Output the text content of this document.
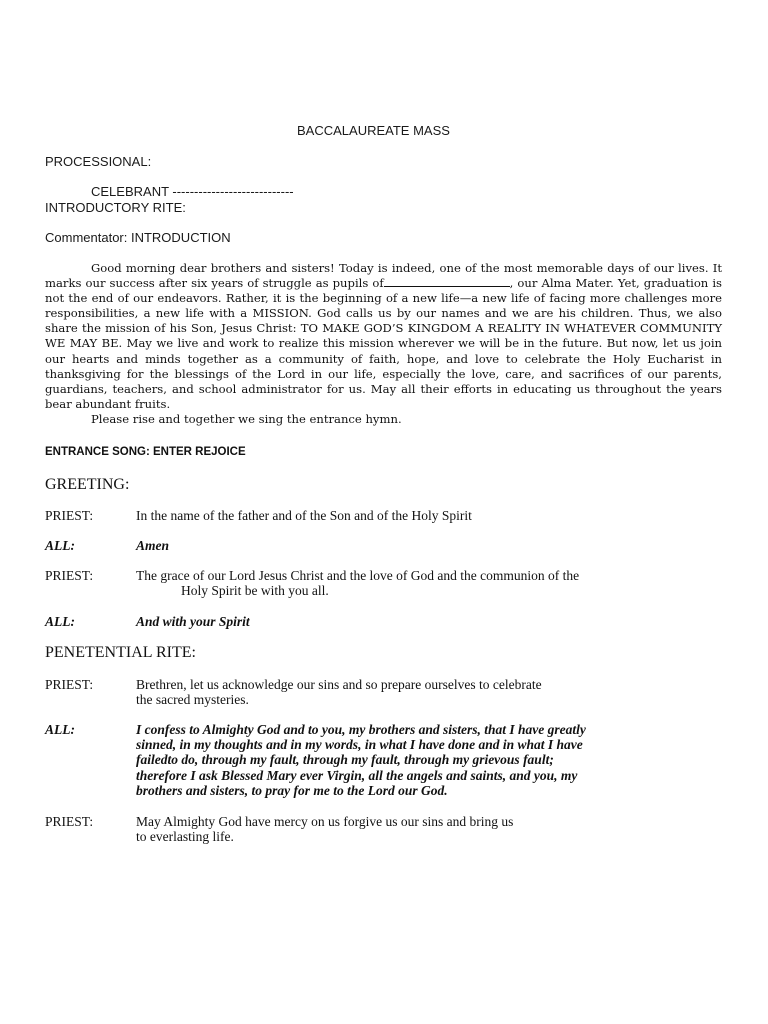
BACCALAUREATE MASS
PROCESSIONAL:
CELEBRANT ----------------------------
INTRODUCTORY RITE:
Commentator: INTRODUCTION

Good morning dear brothers and sisters! Today is indeed, one of the most memorable days of our lives. It marks our success after six years of struggle as pupils of	, our Alma Mater. Yet, graduation is not the end of our endeavors. Rather, it is the beginning of a new life—a new life of facing more challenges more responsibilities, a new life with a MISSION. God calls us by our names and we are his children. Thus, we also share the mission of his Son, Jesus Christ: TO MAKE GOD’S KINGDOM A REALITY IN WHATEVER COMMUNITY WE MAY BE. May we live and work to realize this mission wherever we will be in the future. But now, let us join our hearts and minds together as a community of faith, hope, and love to celebrate the Holy Eucharist in thanksgiving for the blessings of the Lord in our life, especially the love, care, and sacrifices of our parents, guardians, teachers, and school administrator for us. May all their efforts in educating us throughout the years bear abundant fruits.

Please rise and together we sing the entrance hymn.

ENTRANCE SONG: ENTER REJOICE
GREETING:
PRIEST:	In the name of the father and of the Son and of the Holy Spirit
ALL:	Amen
PRIEST:	The grace of our Lord Jesus Christ and the love of God and the communion of the
Holy Spirit be with you all.
ALL:	And with your Spirit
PENETENTIAL RITE:
PRIEST:	Brethren, let us acknowledge our sins and so prepare ourselves to celebrate
the sacred mysteries.
ALL:	I confess to Almighty God and to you, my brothers and sisters, that I have greatly
sinned, in my thoughts and in my words, in what I have done and in what I have
failedto do, through my fault, through my fault, through my grievous fault;
therefore I ask Blessed Mary ever Virgin, all the angels and saints, and you, my
brothers and sisters, to pray for me to the Lord our God.
PRIEST:	May Almighty God have mercy on us forgive us our sins and bring us
to everlasting life.
